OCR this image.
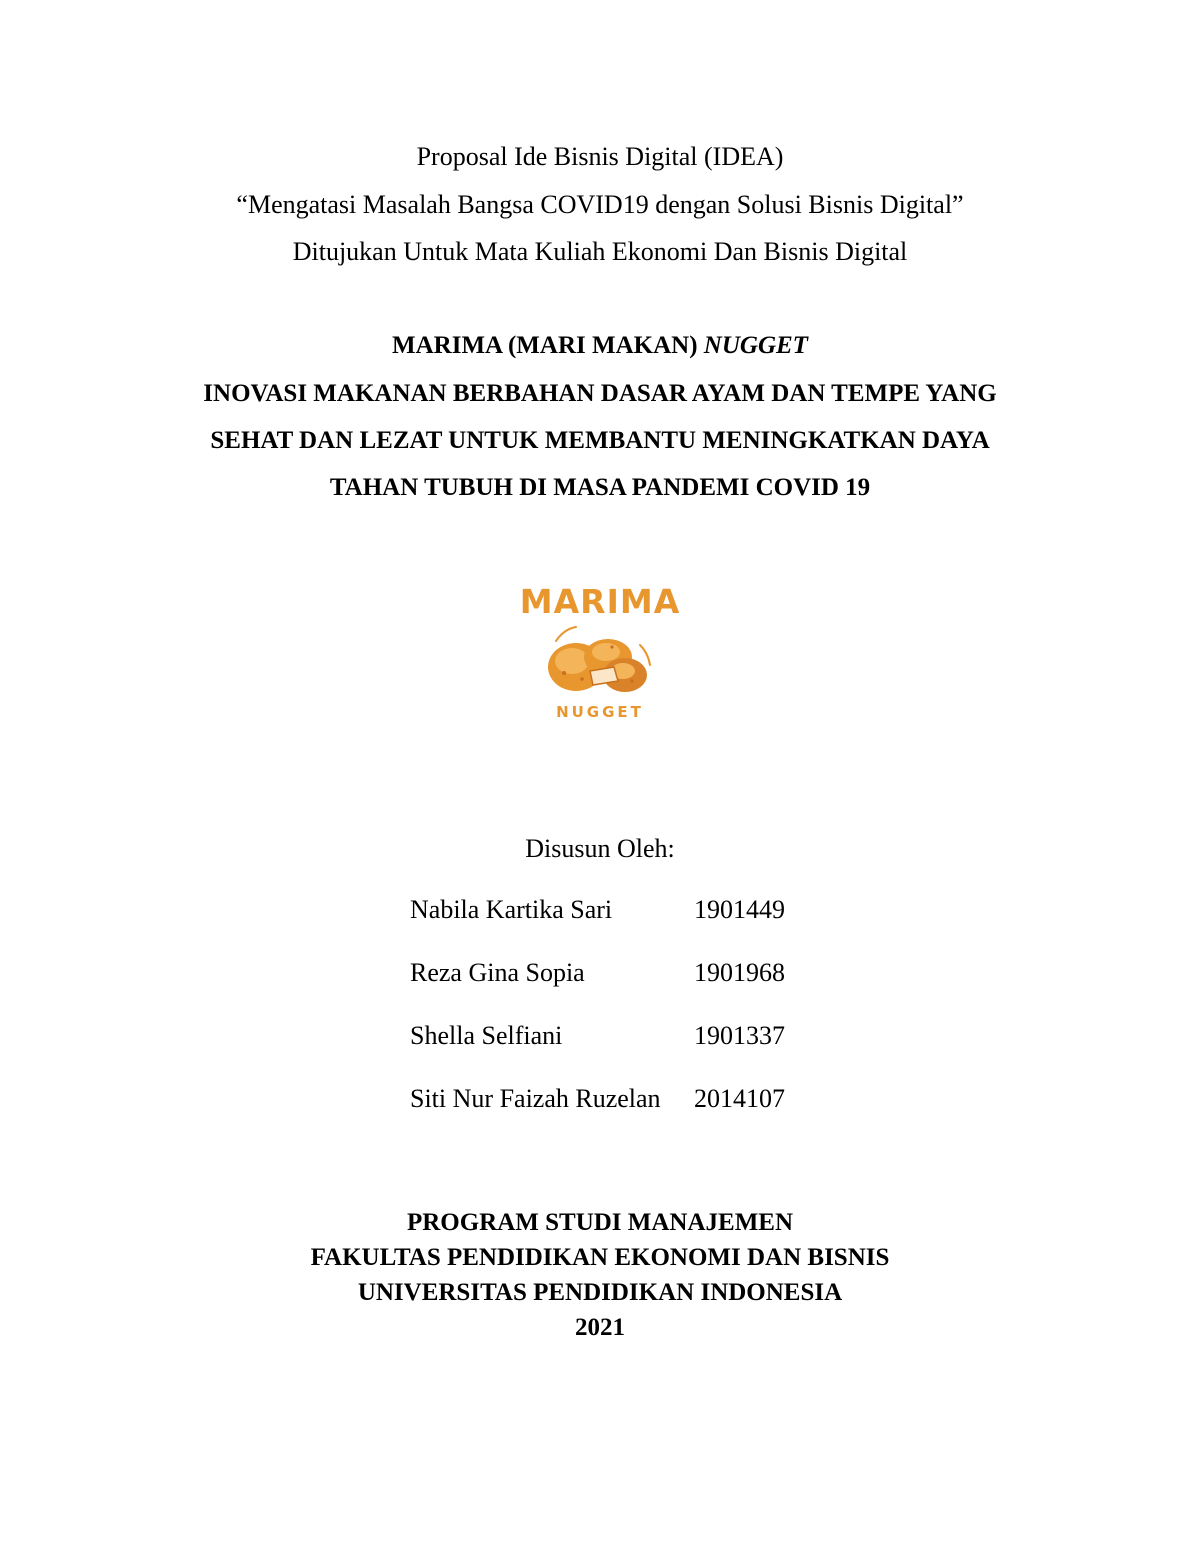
Proposal Ide Bisnis Digital (IDEA)
“Mengatasi Masalah Bangsa COVID19 dengan Solusi Bisnis Digital”
Ditujukan Untuk Mata Kuliah Ekonomi Dan Bisnis Digital
MARIMA (MARI MAKAN) NUGGET
INOVASI MAKANAN BERBAHAN DASAR AYAM DAN TEMPE YANG
SEHAT DAN LEZAT UNTUK MEMBANTU MENINGKATKAN DAYA
TAHAN TUBUH DI MASA PANDEMI COVID 19
MARIMA
NUGGET
Disusun Oleh:
Nabila Kartika Sari	1901449
Reza Gina Sopia	1901968
Shella Selfiani	1901337
Siti Nur Faizah Ruzelan 2014107
PROGRAM STUDI MANAJEMEN
FAKULTAS PENDIDIKAN EKONOMI DAN BISNIS
UNIVERSITAS PENDIDIKAN INDONESIA
2021
